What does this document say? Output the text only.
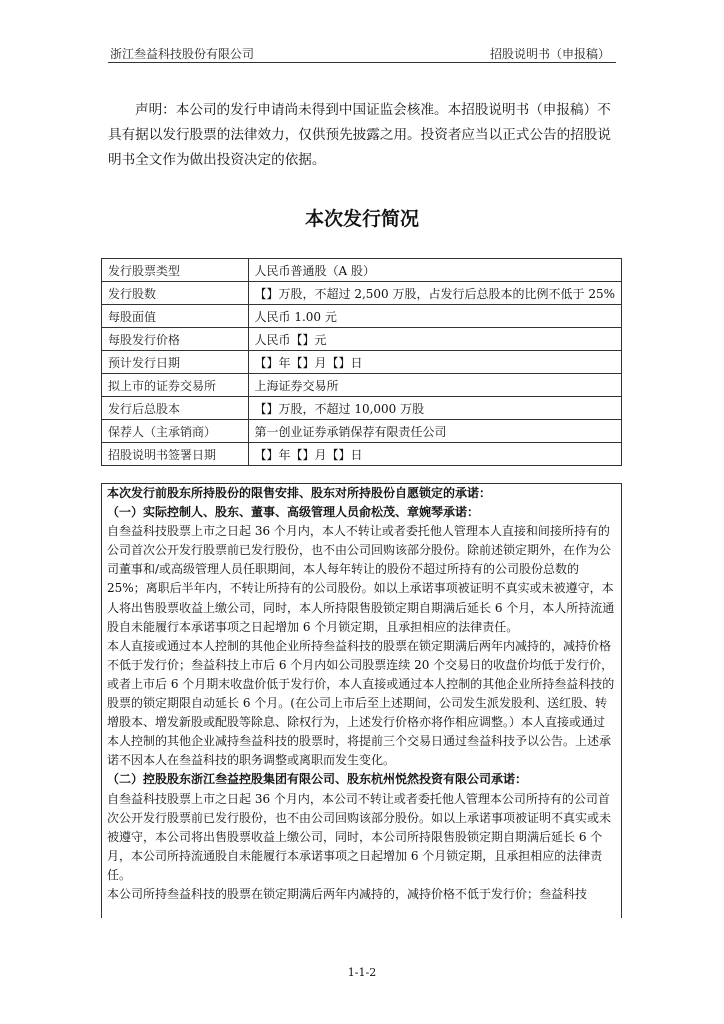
浙江叁益科技股份有限公司	招股说明书（申报稿）

声明：本公司的发行申请尚未得到中国证监会核准。本招股说明书（申报稿）不具有据以发行股票的法律效力，仅供预先披露之用。投资者应当以正式公告的招股说明书全文作为做出投资决定的依据。

本次发行简况
发行股票类型	人民币普通股（A 股）
发行股数	【】万股，不超过 2,500 万股，占发行后总股本的比例不低于 25%
每股面值	人民币 1.00 元
每股发行价格	人民币【】元
预计发行日期	【】年【】月【】日
拟上市的证券交易所	上海证券交易所
发行后总股本	【】万股，不超过 10,000 万股
保荐人（主承销商）	第一创业证券承销保荐有限责任公司
招股说明书签署日期	【】年【】月【】日

本次发行前股东所持股份的限售安排、股东对所持股份自愿锁定的承诺：

（一）实际控制人、股东、董事、高级管理人员俞松茂、章婉琴承诺：

自叁益科技股票上市之日起 36 个月内，本人不转让或者委托他人管理本人直接和间接所持有的公司首次公开发行股票前已发行股份，也不由公司回购该部分股份。除前述锁定期外，在作为公司董事和/或高级管理人员任职期间，本人每年转让的股份不超过所持有的公司股份总数的 25%；离职后半年内，不转让所持有的公司股份。如以上承诺事项被证明不真实或未被遵守，本人将出售股票收益上缴公司，同时，本人所持限售股锁定期自期满后延长 6 个月，本人所持流通股自未能履行本承诺事项之日起增加 6 个月锁定期，且承担相应的法律责任。

本人直接或通过本人控制的其他企业所持叁益科技的股票在锁定期满后两年内减持的，减持价格不低于发行价；叁益科技上市后 6 个月内如公司股票连续 20 个交易日的收盘价均低于发行价，或者上市后 6 个月期末收盘价低于发行价，本人直接或通过本人控制的其他企业所持叁益科技的股票的锁定期限自动延长 6 个月。(在公司上市后至上述期间，公司发生派发股利、送红股、转增股本、增发新股或配股等除息、除权行为，上述发行价格亦将作相应调整。）本人直接或通过本人控制的其他企业减持叁益科技的股票时，将提前三个交易日通过叁益科技予以公告。上述承诺不因本人在叁益科技的职务调整或离职而发生变化。

（二）控股股东浙江叁益控股集团有限公司、股东杭州悦然投资有限公司承诺：

自叁益科技股票上市之日起 36 个月内，本公司不转让或者委托他人管理本公司所持有的公司首次公开发行股票前已发行股份，也不由公司回购该部分股份。如以上承诺事项被证明不真实或未被遵守，本公司将出售股票收益上缴公司，同时，本公司所持限售股锁定期自期满后延长 6 个月，本公司所持流通股自未能履行本承诺事项之日起增加 6 个月锁定期，且承担相应的法律责任。

本公司所持叁益科技的股票在锁定期满后两年内减持的，减持价格不低于发行价；叁益科技

1-1-2
